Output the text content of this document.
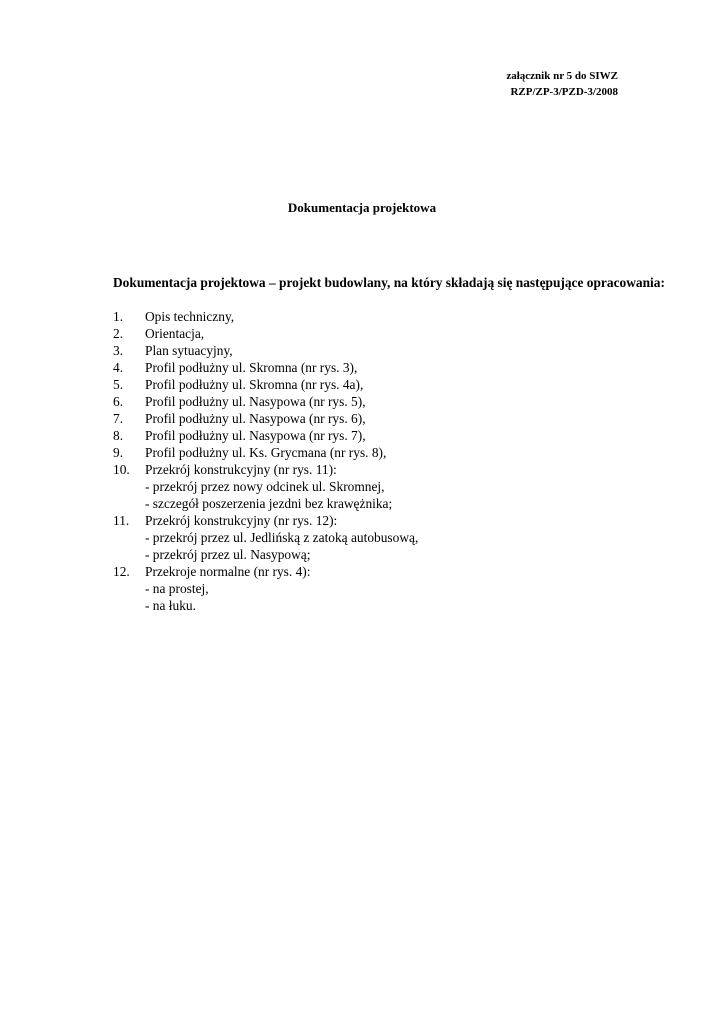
załącznik nr 5 do SIWZ
RZP/ZP-3/PZD-3/2008
Dokumentacja projektowa
Dokumentacja projektowa – projekt budowlany, na który składają się następujące opracowania:
1.	Opis techniczny,
2.	Orientacja,
3.	Plan sytuacyjny,
4.	Profil podłużny ul. Skromna (nr rys. 3),
5.	Profil podłużny ul. Skromna (nr rys. 4a),
6.	Profil podłużny ul. Nasypowa (nr rys. 5),
7.	Profil podłużny ul. Nasypowa (nr rys. 6),
8.	Profil podłużny ul. Nasypowa (nr rys. 7),
9.	Profil podłużny ul. Ks. Grycmana (nr rys. 8),
10.	Przekrój konstrukcyjny (nr rys. 11):
- przekrój przez nowy odcinek ul. Skromnej,
- szczegół poszerzenia jezdni bez krawężnika;
11.	Przekrój konstrukcyjny (nr rys. 12):
- przekrój przez ul. Jedlińską z zatoką autobusową,
- przekrój przez ul. Nasypową;
12.	Przekroje normalne (nr rys. 4):
- na prostej,
- na łuku.
